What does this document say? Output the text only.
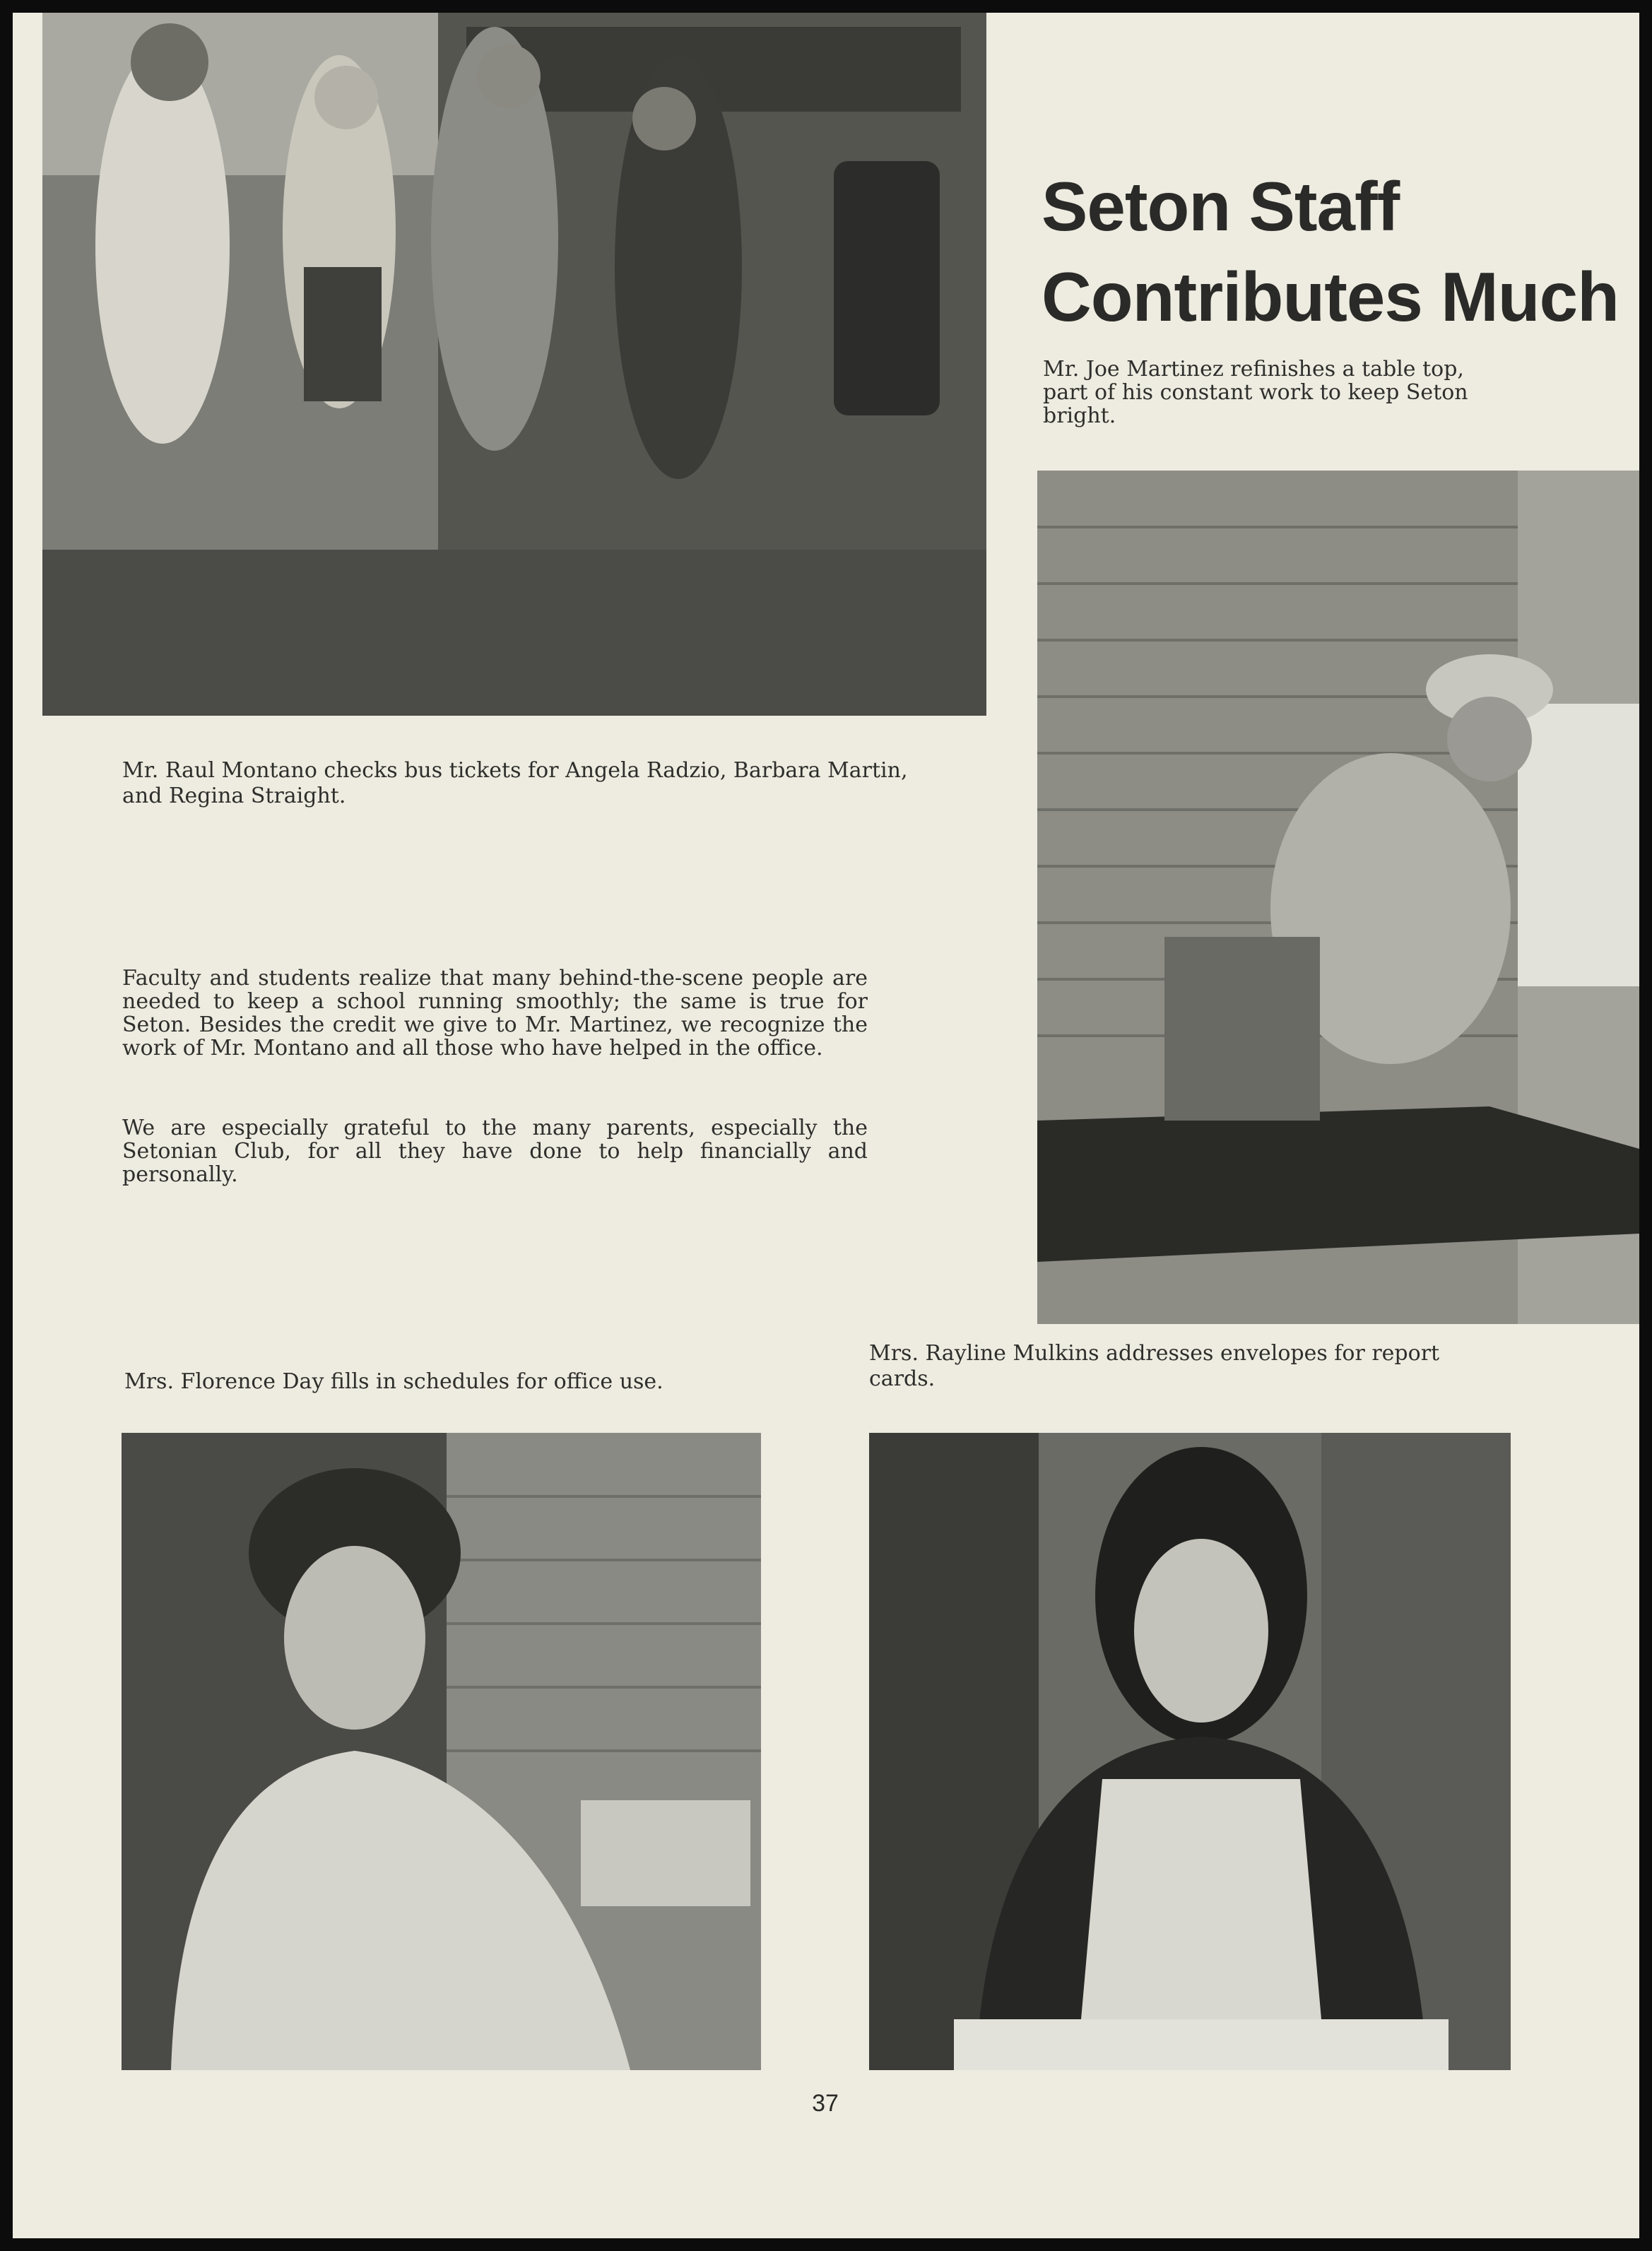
Seton Staff
Contributes Much

Mr. Joe Martinez refinishes a table top, part of his constant work to keep Seton bright.

Mr. Raul Montano checks bus tickets for Angela Radzio, Barbara Martin, and Regina Straight.

Faculty and students realize that many behind-the-scene people are needed to keep a school running smoothly; the same is true for Seton. Besides the credit we give to Mr. Martinez, we recognize the work of Mr. Montano and all those who have helped in the office.

We are especially grateful to the many parents, especially the Setonian Club, for all they have done to help financially and personally.

Mrs. Florence Day fills in schedules for office use.

Mrs. Rayline Mulkins addresses envelopes for report cards.

37
